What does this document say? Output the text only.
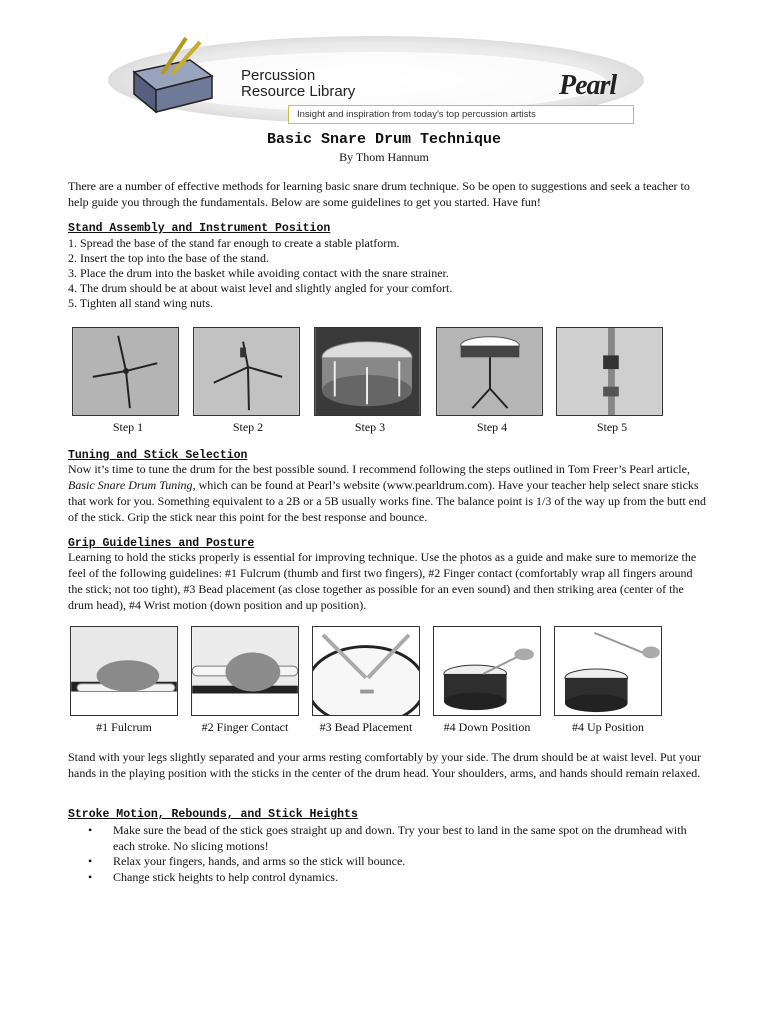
Percussion
Resource Library	Pearl
Insight and inspiration from today's top percussion artists
Basic Snare Drum Technique
By Thom Hannum
There are a number of effective methods for learning basic snare drum technique. So be open to suggestions and seek a teacher to help guide you through the fundamentals. Below are some guidelines to get you started. Have fun!
Stand Assembly and Instrument Position
1. Spread the base of the stand far enough to create a stable platform.
2. Insert the top into the base of the stand.
3. Place the drum into the basket while avoiding contact with the snare strainer.
4. The drum should be at about waist level and slightly angled for your comfort.
5. Tighten all stand wing nuts.
Step 1	Step 2	Step 3	Step 4	Step 5
Tuning and Stick Selection
Now it’s time to tune the drum for the best possible sound. I recommend following the steps outlined in Tom Freer’s Pearl article, Basic Snare Drum Tuning, which can be found at Pearl’s website (www.pearldrum.com). Have your teacher help select snare sticks that work for you. Something equivalent to a 2B or a 5B usually works fine. The balance point is 1/3 of the way up from the butt end of the stick. Grip the stick near this point for the best response and bounce.
Grip Guidelines and Posture
Learning to hold the sticks properly is essential for improving technique. Use the photos as a guide and make sure to memorize the feel of the following guidelines: #1 Fulcrum (thumb and first two fingers), #2 Finger contact (comfortably wrap all fingers around the stick; not too tight), #3 Bead placement (as close together as possible for an even sound) and then striking area (center of the drum head), #4 Wrist motion (down position and up position).
#1 Fulcrum	#2 Finger Contact	#3 Bead Placement	#4 Down Position	#4 Up Position
Stand with your legs slightly separated and your arms resting comfortably by your side. The drum should be at waist level. Put your hands in the playing position with the sticks in the center of the drum head. Your shoulders, arms, and hands should remain relaxed.
Stroke Motion, Rebounds, and Stick Heights
• Make sure the bead of the stick goes straight up and down. Try your best to land in the same spot on the drumhead with each stroke. No slicing motions!
• Relax your fingers, hands, and arms so the stick will bounce.
• Change stick heights to help control dynamics.
